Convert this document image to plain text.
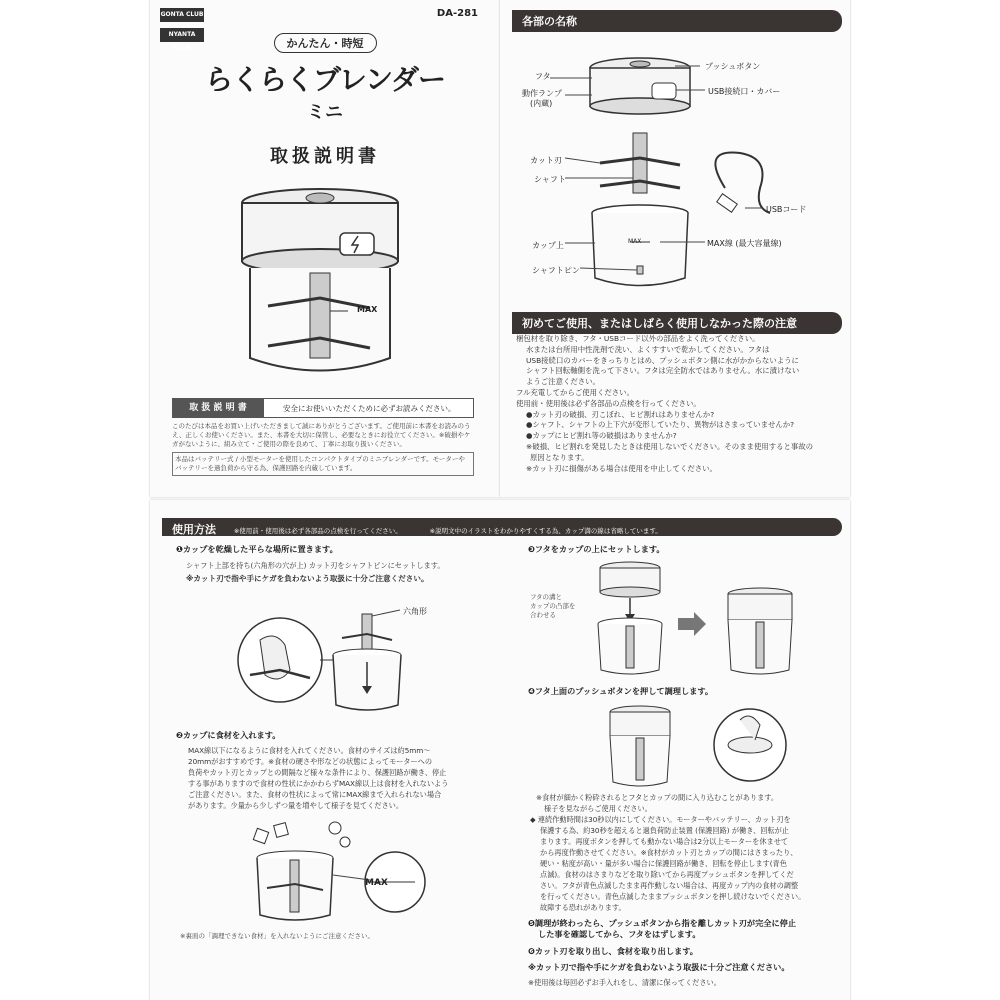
GONTA CLUB
NYANTA CLUB
DA-281
かんたん・時短
らくらくブレンダー
ミニ
取扱説明書
MAX
取 扱 説 明 書	安全にお使いいただくために必ずお読みください。
このたびは本品をお買い上げいただきまして誠にありがとうございます。ご使用前に本書をお読みのうえ、正しくお使いください。また、本書を大切に保管し、必要なときにお役立てください。※破損やケガがないように、組み立て・ご使用の際を良めて、丁寧にお取り扱いください。
本品はバッテリー式 / 小型モーターを使用したコンパクトタイプのミニブレンダーです。モーターやバッテリーを過負荷から守る為、保護回路を内蔵しています。
各部の名称
フタ
動作ランプ
(内蔵)
プッシュボタン
USB接続口・カバー
カット刃
シャフト
USBコード
カップ上	MAX線 (最大容量線)
シャフトピン
MAX
初めてご使用、またはしばらく使用しなかった際の注意
梱包材を取り除き、フタ・USBコード以外の部品をよく洗ってください。
水または台所用中性洗剤で洗い、よくすすいで乾かしてください。フタは
USB接続口のカバーをきっちりとはめ、プッシュボタン側に水がかからないように
シャフト回転軸側を洗って下さい。フタは完全防水ではありません。水に漬けない
ようご注意ください。
フル充電してからご使用ください。
使用前・使用後は必ず各部品の点検を行ってください。
●カット刃の破損、刃こぼれ、ヒビ割れはありませんか?
●シャフト、シャフトの上下穴が変形していたり、異物がはさまっていませんか?
●カップにヒビ割れ等の破損はありませんか?
※破損、ヒビ割れを発見したときは使用しないでください。そのまま使用すると事故の
原因となります。
※カット刃に損傷がある場合は使用を中止してください。
使用方法	※使用前・使用後は必ず各部品の点検を行ってください。	※説明文中のイラストをわかりやすくする為、カップ満の線は省略しています。
❶カップを乾燥した平らな場所に置きます。
シャフト上部を持ち(六角形の穴が上) カット刃をシャフトピンにセットします。
※カット刃で指や手にケガを負わないよう取扱に十分ご注意ください。
六角形
❷カップに食材を入れます。
MAX線以下になるように食材を入れてください。食材のサイズは約5mm～
20mmがおすすめです。※食材の硬さや形などの状態によってモーターへの
負荷やカット刃とカップとの間隔など様々な条件により、保護回路が働き、停止
する事がありますので食材の性状にかかわらずMAX線以上は食材を入れないよう
ご注意ください。また、食材の性状によって常にMAX線まで入れられない場合
があります。少量から少しずつ量を増やして様子を見てください。
MAX
※裏面の「調理できない食材」を入れないようにご注意ください。
❸フタをカップの上にセットします。
フタの溝と
カップの凸部を
合わせる
❹フタ上面のプッシュボタンを押して調理します。
※食材が細かく粉砕されるとフタとカップの間に入り込むことがあります。
様子を見ながらご使用ください。
◆ 連続作動時間は30秒以内にしてください。モーターやバッテリー、カット刃を
保護する為、約30秒を超えると過負荷防止装置 (保護回路) が働き、回転が止
まります。再度ボタンを押しても動かない場合は2分以上モーターを休ませて
から再度作動させてください。※食材がカット刃とカップの間にはさまったり、
硬い・粘度が高い・量が多い場合に保護回路が働き、回転を停止します(青色
点滅)。食材のはさまりなどを取り除いてから再度プッシュボタンを押してくだ
さい。フタが青色点滅したまま再作動しない場合は、再度カップ内の食材の調整
を行ってください。青色点滅したままプッシュボタンを押し続けないでください。
故障する恐れがあります。
❺調理が終わったら、プッシュボタンから指を離しカット刃が完全に停止
した事を確認してから、フタをはずします。
❻カット刃を取り出し、食材を取り出します。
※カット刃で指や手にケガを負わないよう取扱に十分ご注意ください。
※使用後は毎回必ずお手入れをし、清潔に保ってください。
